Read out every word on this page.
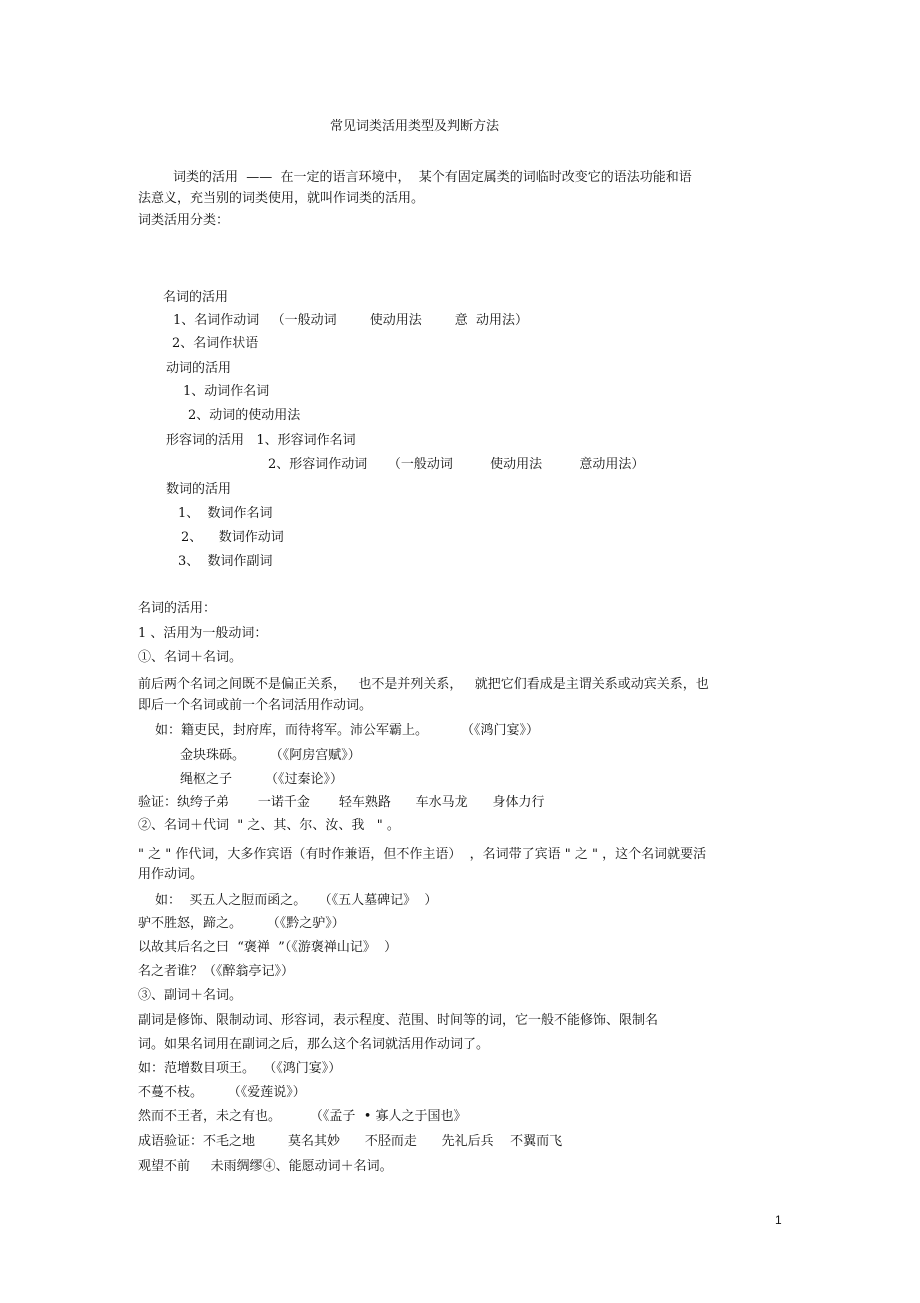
常见词类活用类型及判断方法
词类的活用  ——  在一定的语言环境中，  某个有固定属类的词临时改变它的语法功能和语
法意义，充当别的词类使用，就叫作词类的活用。
词类活用分类：
名词的活用
1、名词作动词   （一般动词        使动用法        意  动用法）
2、名词作状语
动词的活用
1、动词作名词
2、动词的使动用法
形容词的活用   1、形容词作名词
2、形容词作动词     （一般动词         使动用法         意动用法）
数词的活用
1、  数词作名词
2、    数词作动词
3、  数词作副词
名词的活用：
1 、活用为一般动词：
①、名词＋名词。
前后两个名词之间既不是偏正关系，   也不是并列关系，   就把它们看成是主谓关系或动宾关系，也
即后一个名词或前一个名词活用作动词。
如：籍吏民，封府库，而待将军。沛公军霸上。        （《鸿门宴》）
金块珠砾。      （《阿房宫赋》）
绳枢之子        （《过秦论》）
验证：纨绔子弟       一诺千金       轻车熟路      车水马龙      身体力行
②、名词＋代词  " 之、其、尔、汝、我   " 。
" 之 " 作代词，大多作宾语（有时作兼语，但不作主语）  ，名词带了宾语 " 之 " ，这个名词就要活
用作动词。
如：  买五人之脰而函之。   （《五人墓碑记》  ）
驴不胜怒，蹄之。      （《黔之驴》）
以故其后名之曰  “褒禅  ”（《游褒禅山记》  ）
名之者谁？（《醉翁亭记》）
③、副词＋名词。
副词是修饰、限制动词、形容词，表示程度、范围、时间等的词，它一般不能修饰、限制名
词。如果名词用在副词之后，那么这个名词就活用作动词了。
如：范增数目项王。  （《鸿门宴》）
不蔓不枝。      （《爱莲说》）
然而不王者，未之有也。       （《孟子  • 寡人之于国也》
成语验证：不毛之地        莫名其妙      不胫而走      先礼后兵    不翼而飞
观望不前     未雨绸缪④、能愿动词＋名词。
1
